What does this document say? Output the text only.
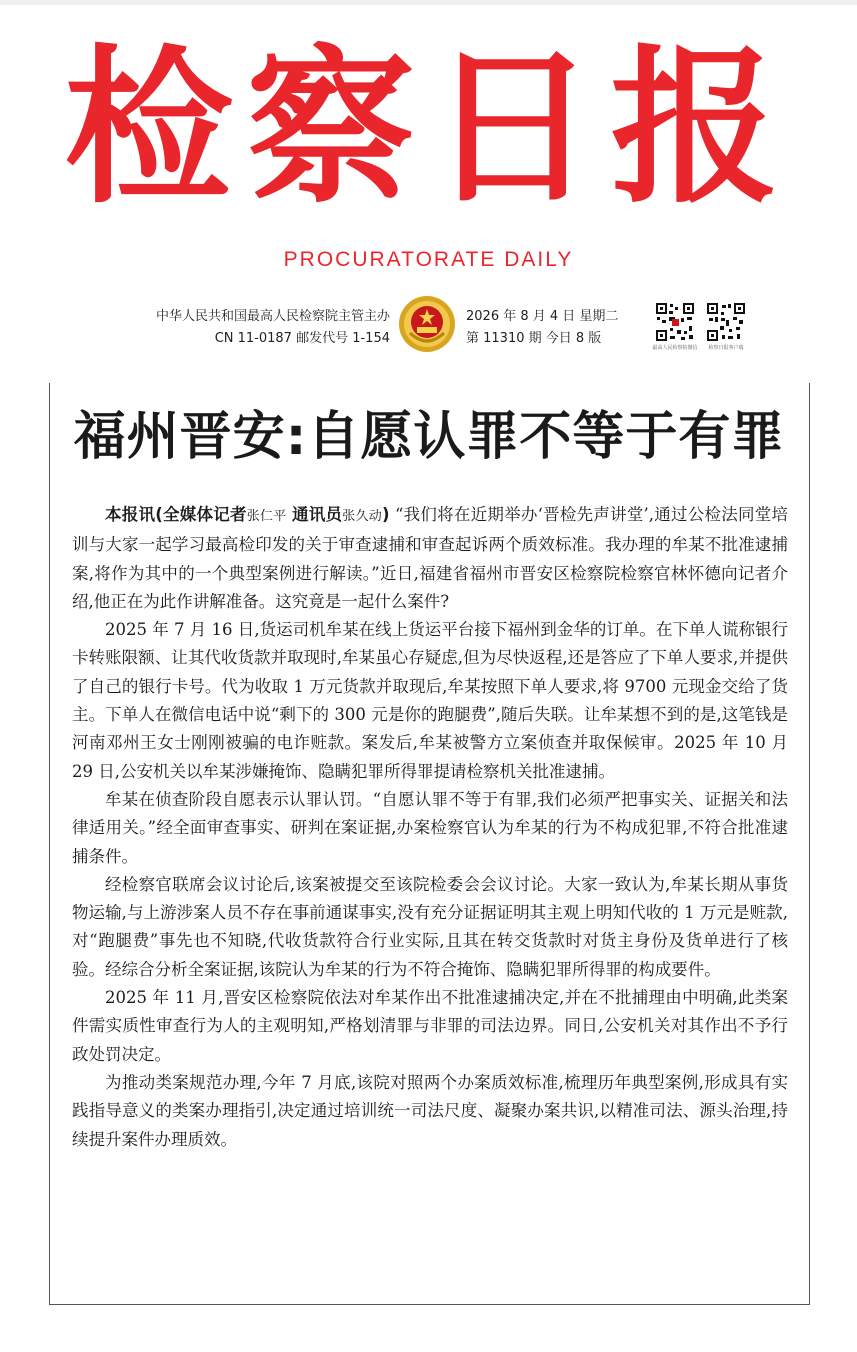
检察日报
PROCURATORATE DAILY
中华人民共和国最高人民检察院主管主办
CN 11-0187 邮发代号 1-154
2026 年 8 月 4 日 星期二
第 11310 期 今日 8 版
最高人民检察院微信	检察日报客户端
福州晋安:自愿认罪不等于有罪

本报讯(全媒体记者张仁平 通讯员张久动) “我们将在近期举办‘晋检先声讲堂’,通过公检法同堂培训与大家一起学习最高检印发的关于审查逮捕和审查起诉两个质效标准。我办理的牟某不批准逮捕案,将作为其中的一个典型案例进行解读。”近日,福建省福州市晋安区检察院检察官林怀德向记者介绍,他正在为此作讲解准备。这究竟是一起什么案件?

2025 年 7 月 16 日,货运司机牟某在线上货运平台接下福州到金华的订单。在下单人谎称银行卡转账限额、让其代收货款并取现时,牟某虽心存疑虑,但为尽快返程,还是答应了下单人要求,并提供了自己的银行卡号。代为收取 1 万元货款并取现后,牟某按照下单人要求,将 9700 元现金交给了货主。下单人在微信电话中说“剩下的 300 元是你的跑腿费”,随后失联。让牟某想不到的是,这笔钱是河南邓州王女士刚刚被骗的电诈赃款。案发后,牟某被警方立案侦查并取保候审。2025 年 10 月 29 日,公安机关以牟某涉嫌掩饰、隐瞒犯罪所得罪提请检察机关批准逮捕。

牟某在侦查阶段自愿表示认罪认罚。“自愿认罪不等于有罪,我们必须严把事实关、证据关和法律适用关。”经全面审查事实、研判在案证据,办案检察官认为牟某的行为不构成犯罪,不符合批准逮捕条件。

经检察官联席会议讨论后,该案被提交至该院检委会会议讨论。大家一致认为,牟某长期从事货物运输,与上游涉案人员不存在事前通谋事实,没有充分证据证明其主观上明知代收的 1 万元是赃款,对“跑腿费”事先也不知晓,代收货款符合行业实际,且其在转交货款时对货主身份及货单进行了核验。经综合分析全案证据,该院认为牟某的行为不符合掩饰、隐瞒犯罪所得罪的构成要件。

2025 年 11 月,晋安区检察院依法对牟某作出不批准逮捕决定,并在不批捕理由中明确,此类案件需实质性审查行为人的主观明知,严格划清罪与非罪的司法边界。同日,公安机关对其作出不予行政处罚决定。

为推动类案规范办理,今年 7 月底,该院对照两个办案质效标准,梳理历年典型案例,形成具有实践指导意义的类案办理指引,决定通过培训统一司法尺度、凝聚办案共识,以精准司法、源头治理,持续提升案件办理质效。
